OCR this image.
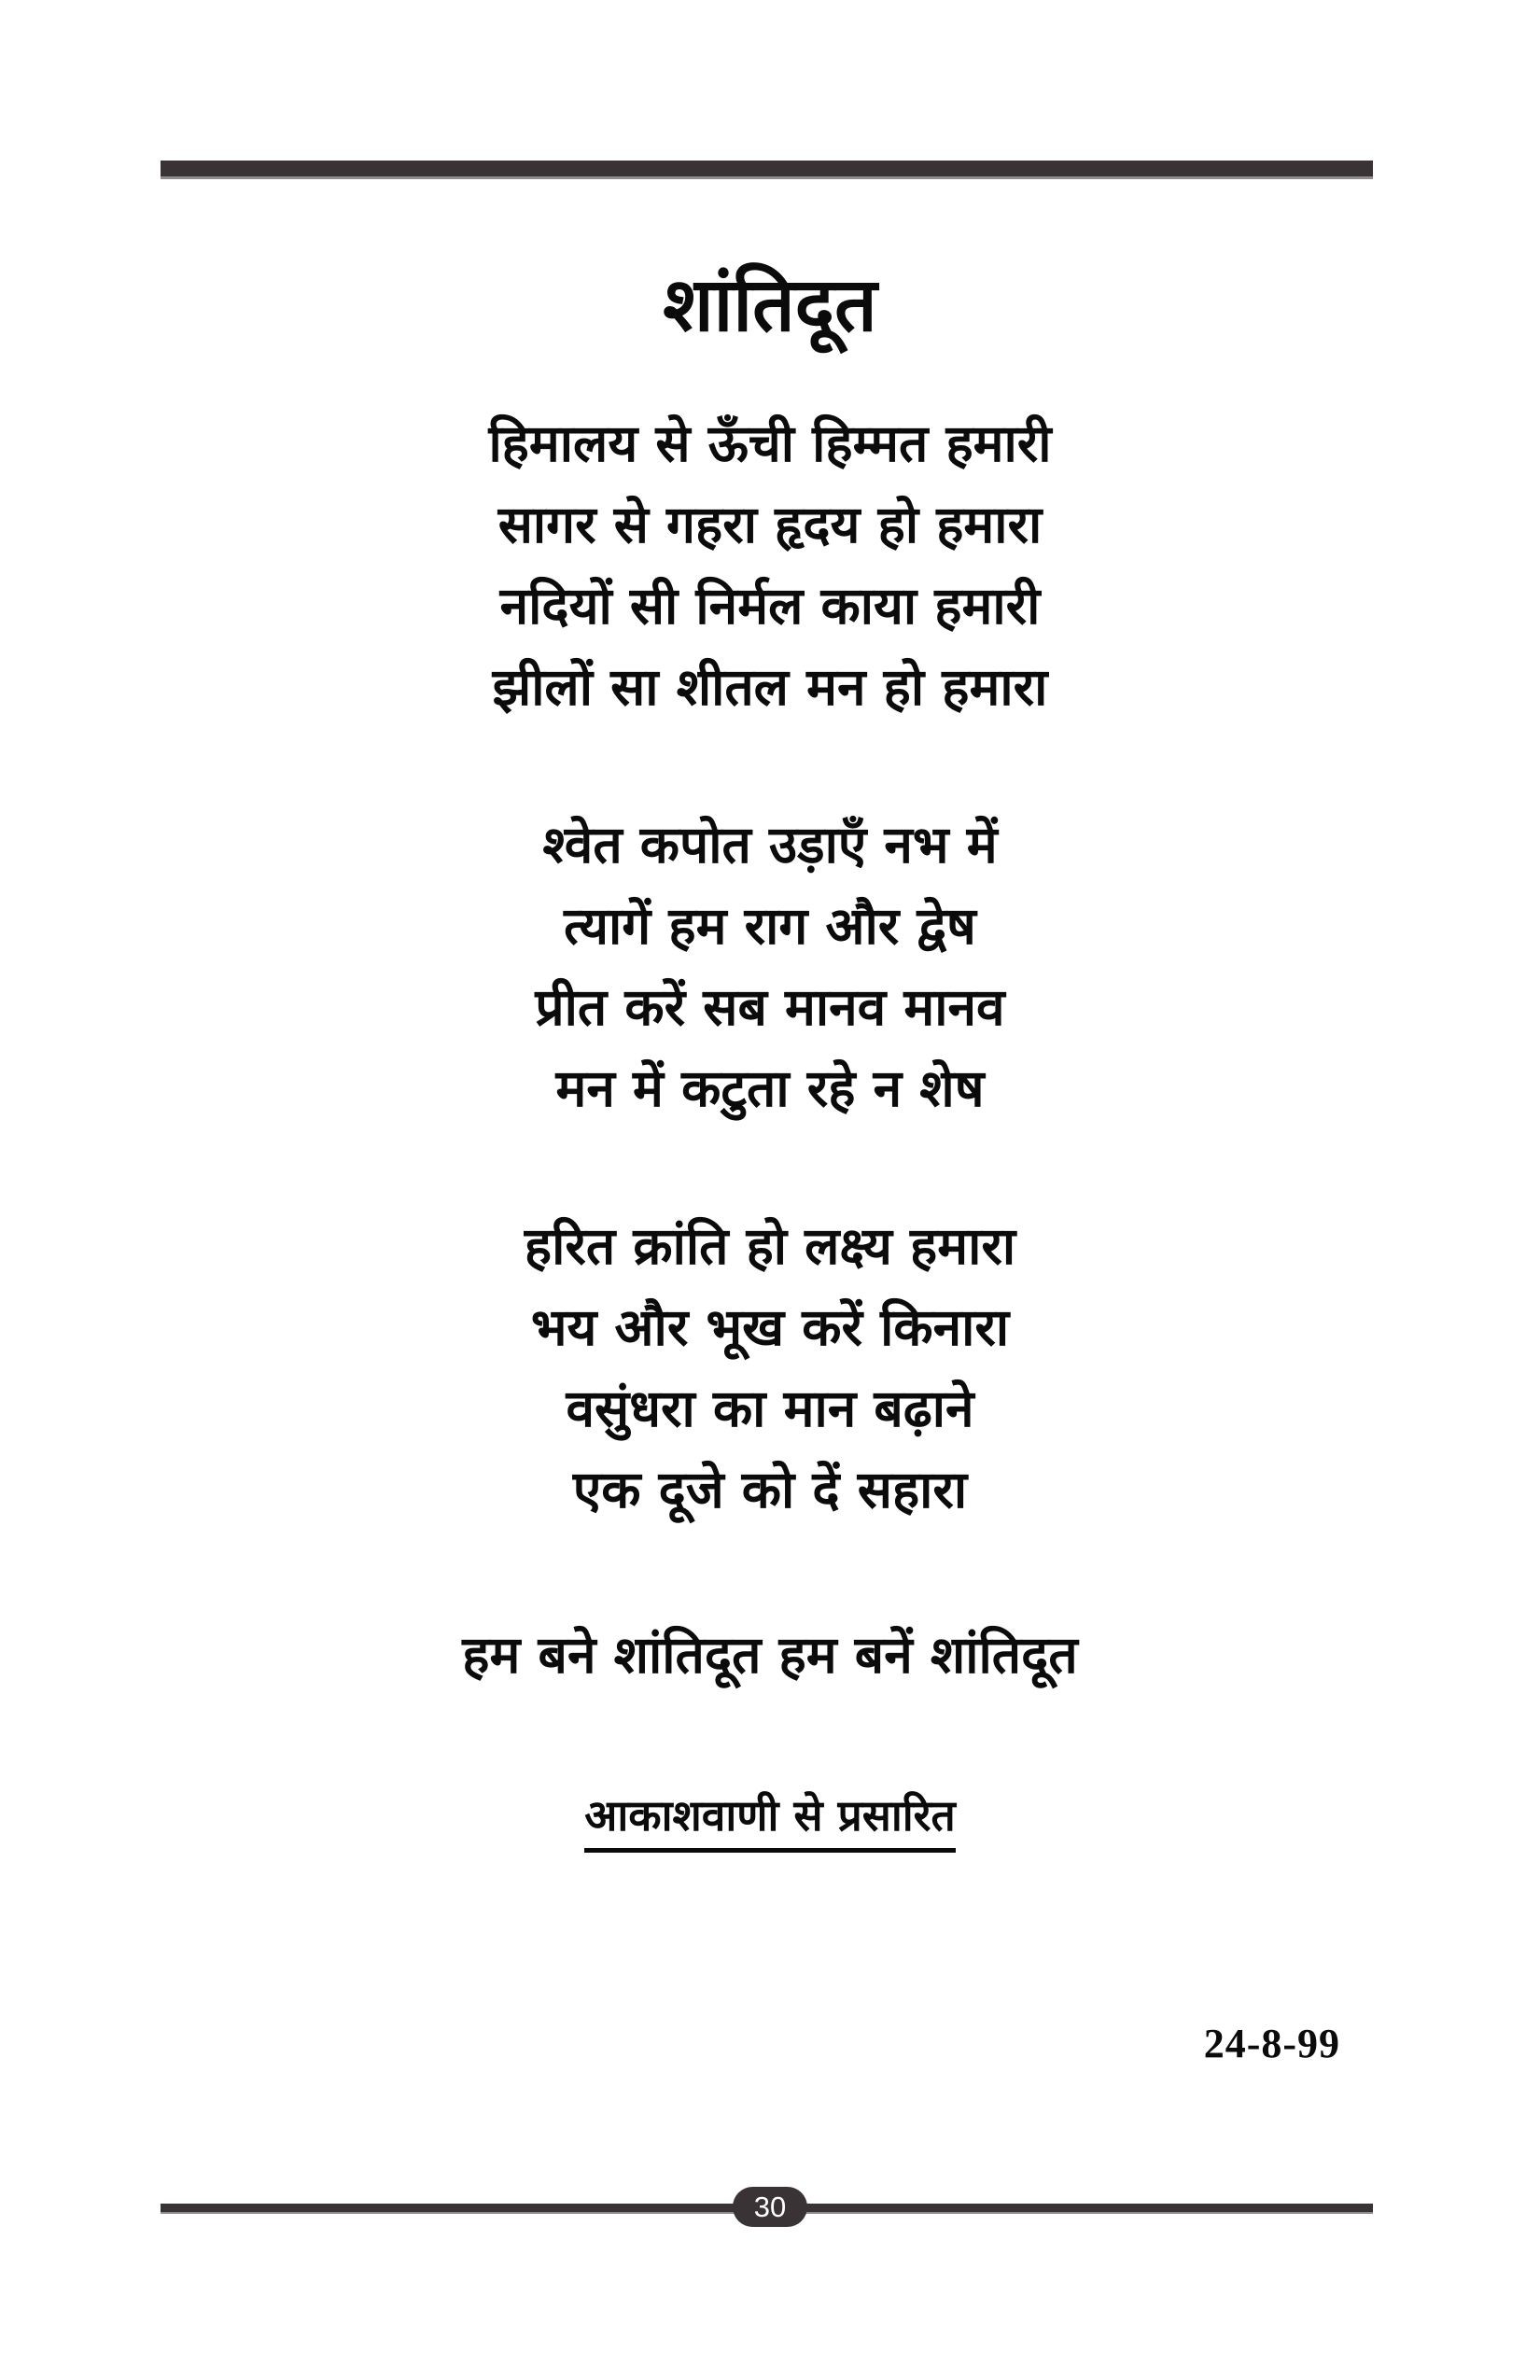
शांतिदूत
हिमालय से ऊँची हिम्मत हमारी
सागर से गहरा हृदय हो हमारा
नदियों सी निर्मल काया हमारी
झीलों सा शीतल मन हो हमारा
श्वेत कपोत उड़ाएँ नभ में
त्यागें हम राग और द्वेष
प्रीत करें सब मानव मानव
मन में कटुता रहे न शेष
हरित क्रांति हो लक्ष्य हमारा
भय और भूख करें किनारा
वसुंधरा का मान बढ़ाने
एक दूजे को दें सहारा
हम बने शांतिदूत हम बनें शांतिदूत
आकाशवाणी से प्रसारित
24-8-99
30
